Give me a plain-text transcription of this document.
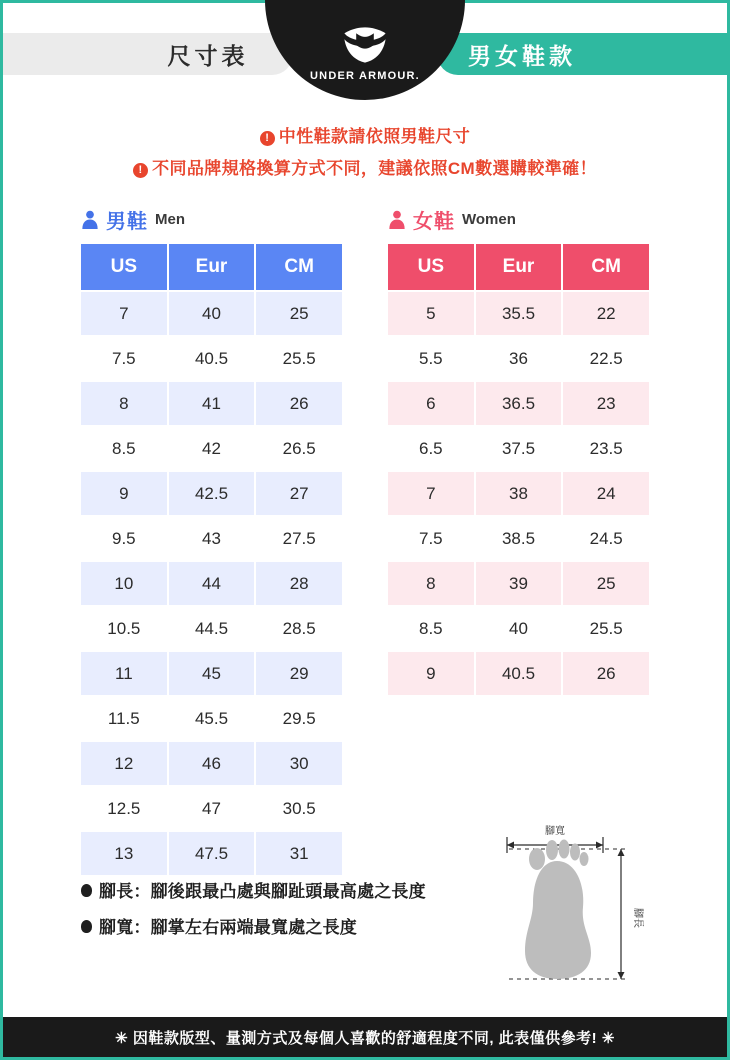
尺寸表	男女鞋款
UNDER ARMOUR.
! 中性鞋款請依照男鞋尺寸
! 不同品牌規格換算方式不同，建議依照CM數選購較準確！
男鞋 Men
US	Eur	CM
7	40	25
7.5	40.5	25.5
8	41	26
8.5	42	26.5
9	42.5	27
9.5	43	27.5
10	44	28
10.5	44.5	28.5
11	45	29
11.5	45.5	29.5
12	46	30
12.5	47	30.5
13	47.5	31
女鞋 Women
US	Eur	CM
5	35.5	22
5.5	36	22.5
6	36.5	23
6.5	37.5	23.5
7	38	24
7.5	38.5	24.5
8	39	25
8.5	40	25.5
9	40.5	26
腳長：腳後跟最凸處與腳趾頭最高處之長度
腳寬：腳掌左右兩端最寬處之長度
腳寬
腳長
✳ 因鞋款版型、量測方式及每個人喜歡的舒適程度不同, 此表僅供參考! ✳
